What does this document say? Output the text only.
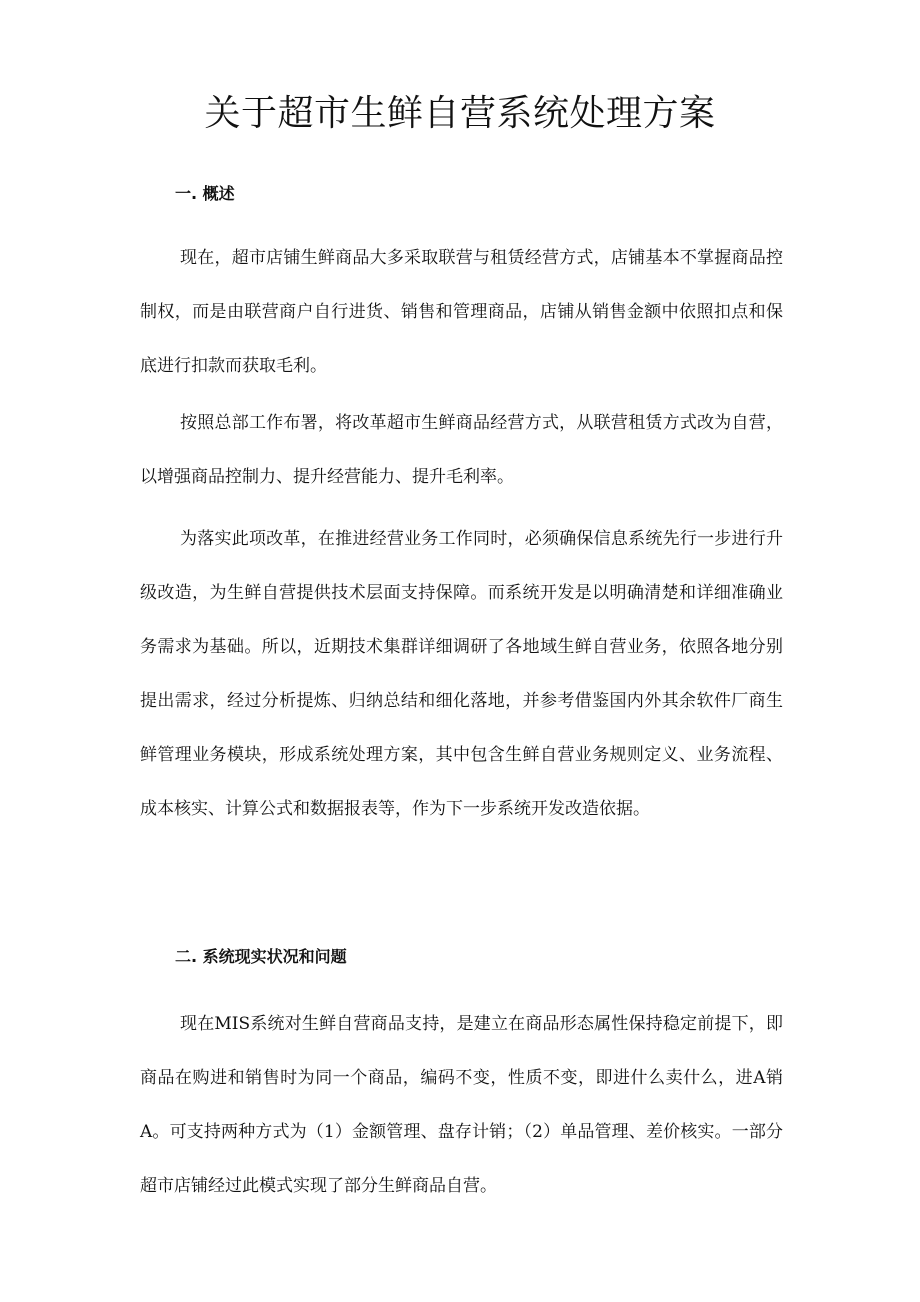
关于超市生鲜自营系统处理方案
一. 概述

现在，超市店铺生鲜商品大多采取联营与租赁经营方式，店铺基本不掌握商品控制权，而是由联营商户自行进货、销售和管理商品，店铺从销售金额中依照扣点和保底进行扣款而获取毛利。

按照总部工作布署，将改革超市生鲜商品经营方式，从联营租赁方式改为自营，以增强商品控制力、提升经营能力、提升毛利率。

为落实此项改革，在推进经营业务工作同时，必须确保信息系统先行一步进行升级改造，为生鲜自营提供技术层面支持保障。而系统开发是以明确清楚和详细准确业务需求为基础。所以，近期技术集群详细调研了各地域生鲜自营业务，依照各地分别提出需求，经过分析提炼、归纳总结和细化落地，并参考借鉴国内外其余软件厂商生鲜管理业务模块，形成系统处理方案，其中包含生鲜自营业务规则定义、业务流程、成本核实、计算公式和数据报表等，作为下一步系统开发改造依据。

二. 系统现实状况和问题

现在MIS系统对生鲜自营商品支持，是建立在商品形态属性保持稳定前提下，即商品在购进和销售时为同一个商品，编码不变，性质不变，即进什么卖什么，进A销A。可支持两种方式为（1）金额管理、盘存计销；（2）单品管理、差价核实。一部分超市店铺经过此模式实现了部分生鲜商品自营。
